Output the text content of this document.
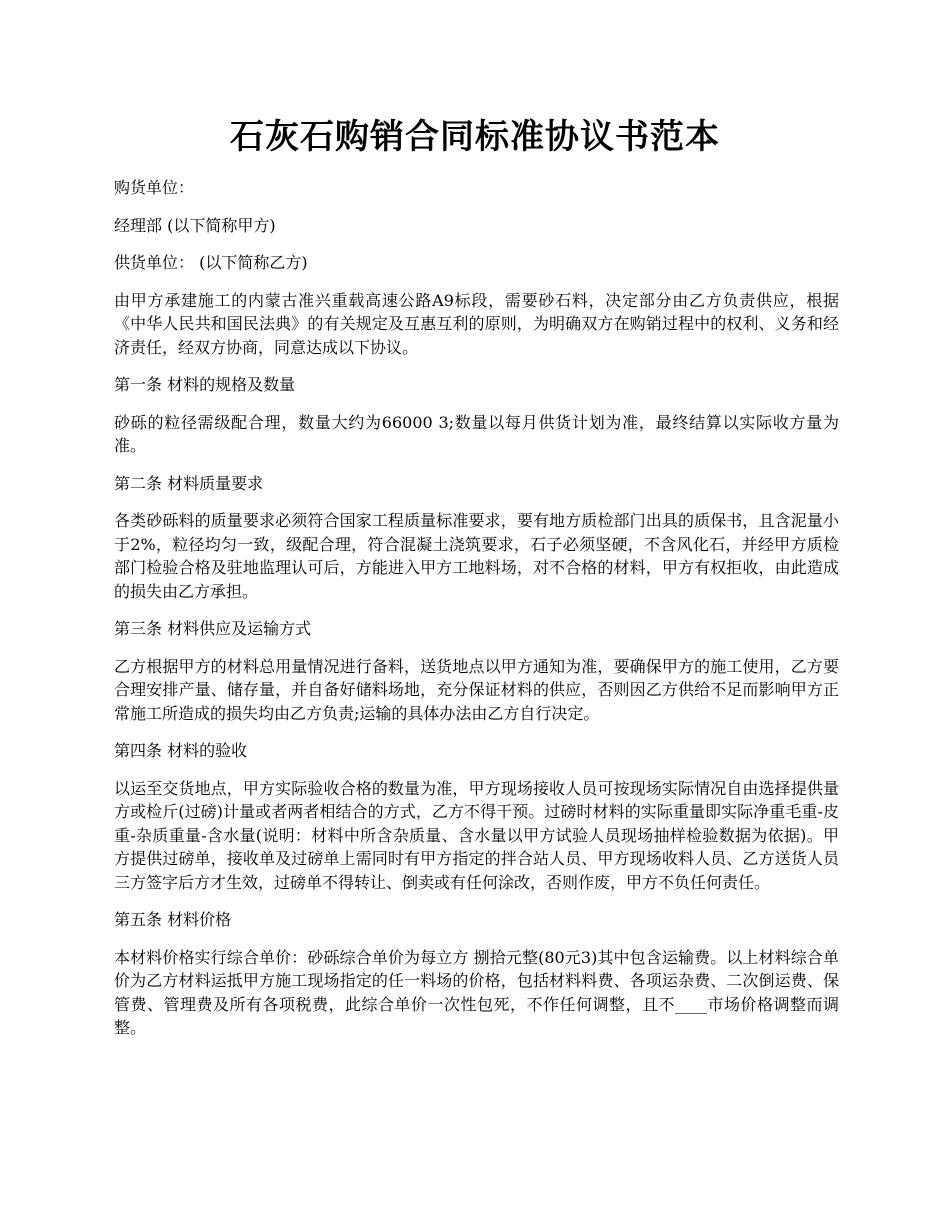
石灰石购销合同标准协议书范本

购货单位：

经理部 (以下简称甲方)

供货单位： (以下简称乙方)

由甲方承建施工的内蒙古准兴重载高速公路A9标段，需要砂石料，决定部分由乙方负责供应，根据《中华人民共和国民法典》的有关规定及互惠互利的原则，为明确双方在购销过程中的权利、义务和经济责任，经双方协商，同意达成以下协议。

第一条 材料的规格及数量

砂砾的粒径需级配合理，数量大约为66000 3;数量以每月供货计划为准，最终结算以实际收方量为准。

第二条 材料质量要求

各类砂砾料的质量要求必须符合国家工程质量标准要求，要有地方质检部门出具的质保书，且含泥量小于2%，粒径均匀一致，级配合理，符合混凝土浇筑要求，石子必须坚硬，不含风化石，并经甲方质检部门检验合格及驻地监理认可后，方能进入甲方工地料场，对不合格的材料，甲方有权拒收，由此造成的损失由乙方承担。

第三条 材料供应及运输方式

乙方根据甲方的材料总用量情况进行备料，送货地点以甲方通知为准，要确保甲方的施工使用，乙方要合理安排产量、储存量，并自备好储料场地，充分保证材料的供应，否则因乙方供给不足而影响甲方正常施工所造成的损失均由乙方负责;运输的具体办法由乙方自行决定。

第四条 材料的验收

以运至交货地点，甲方实际验收合格的数量为准，甲方现场接收人员可按现场实际情况自由选择提供量方或检斤(过磅)计量或者两者相结合的方式，乙方不得干预。过磅时材料的实际重量即实际净重毛重-皮重-杂质重量-含水量(说明：材料中所含杂质量、含水量以甲方试验人员现场抽样检验数据为依据)。甲方提供过磅单，接收单及过磅单上需同时有甲方指定的拌合站人员、甲方现场收料人员、乙方送货人员三方签字后方才生效，过磅单不得转让、倒卖或有任何涂改，否则作废，甲方不负任何责任。

第五条 材料价格

本材料价格实行综合单价：砂砾综合单价为每立方 捌拾元整(80元3)其中包含运输费。以上材料综合单价为乙方材料运抵甲方施工现场指定的任一料场的价格，包括材料料费、各项运杂费、二次倒运费、保管费、管理费及所有各项税费，此综合单价一次性包死，不作任何调整，且不____市场价格调整而调整。
